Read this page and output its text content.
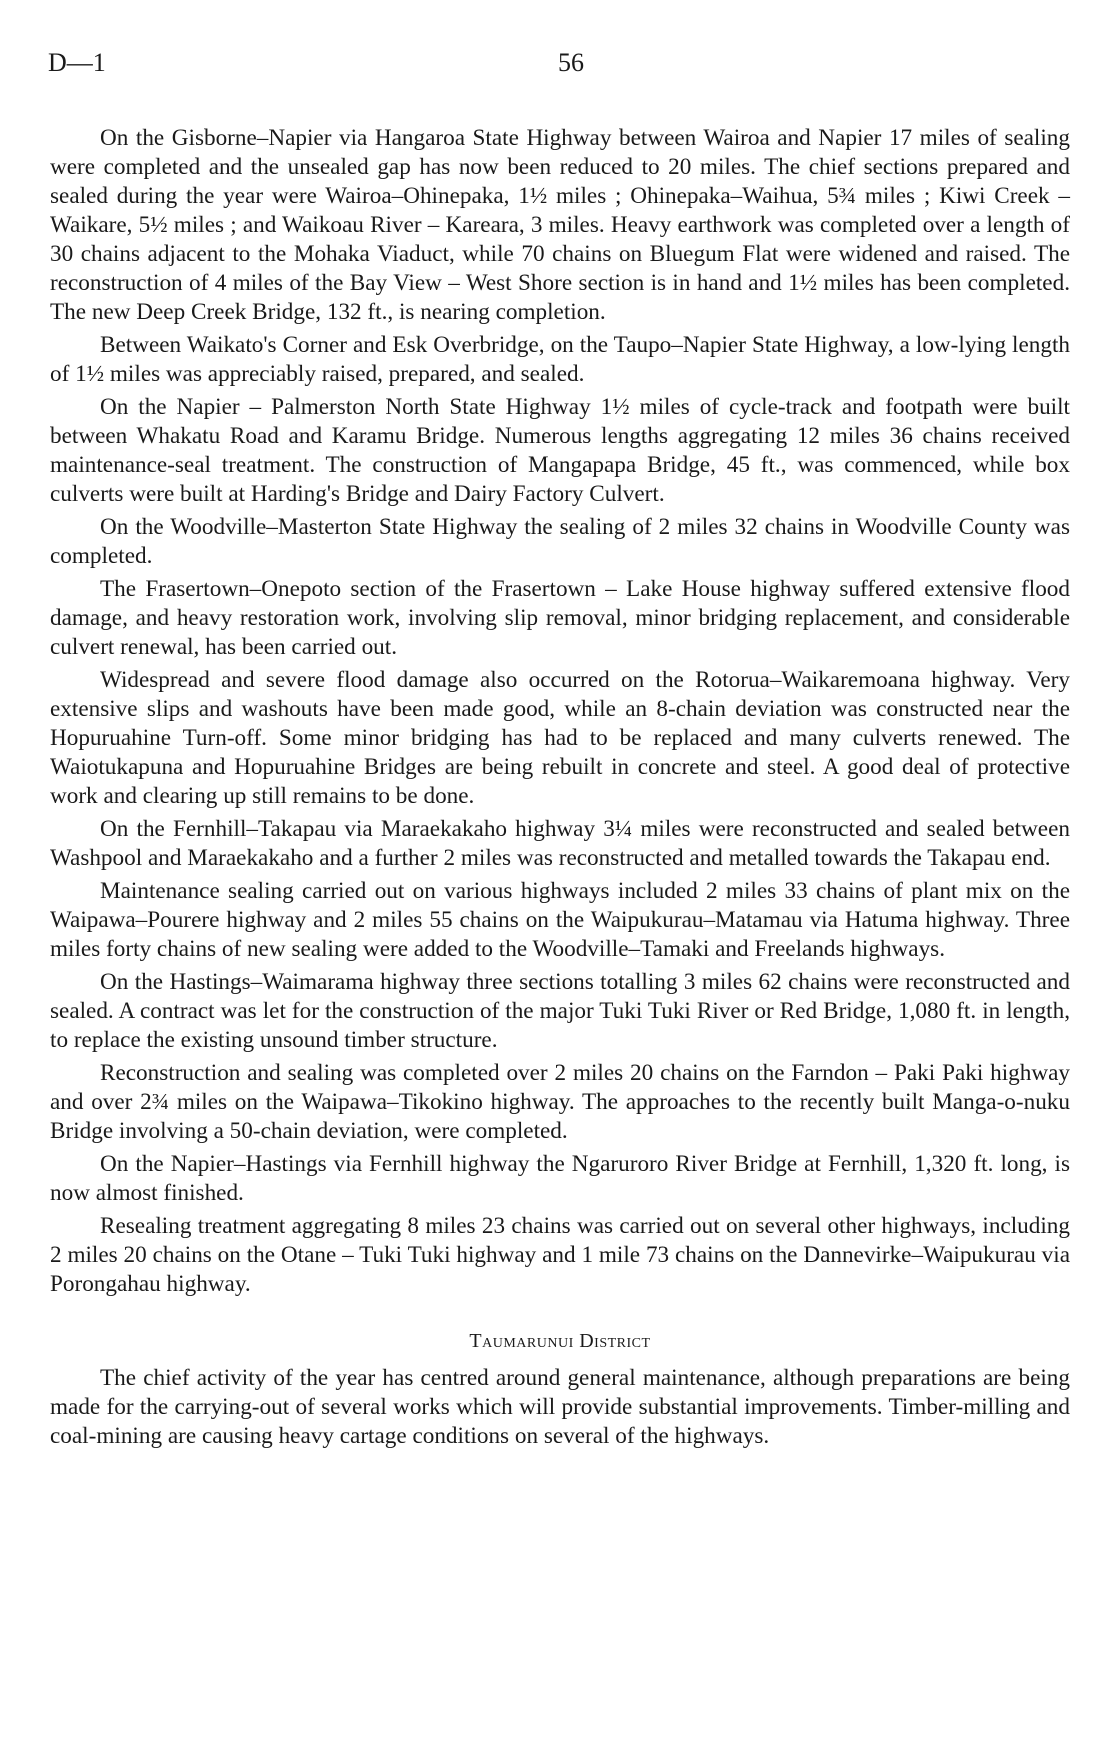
D—1	56

On the Gisborne–Napier via Hangaroa State Highway between Wairoa and Napier 17 miles of sealing were completed and the unsealed gap has now been reduced to 20 miles. The chief sections prepared and sealed during the year were Wairoa–Ohinepaka, 1½ miles ; Ohinepaka–Waihua, 5¾ miles ; Kiwi Creek – Waikare, 5½ miles ; and Waikoau River – Kareara, 3 miles. Heavy earthwork was completed over a length of 30 chains adjacent to the Mohaka Viaduct, while 70 chains on Bluegum Flat were widened and raised. The reconstruction of 4 miles of the Bay View – West Shore section is in hand and 1½ miles has been completed. The new Deep Creek Bridge, 132 ft., is nearing completion.

Between Waikato's Corner and Esk Overbridge, on the Taupo–Napier State Highway, a low-lying length of 1½ miles was appreciably raised, prepared, and sealed.

On the Napier – Palmerston North State Highway 1½ miles of cycle-track and footpath were built between Whakatu Road and Karamu Bridge. Numerous lengths aggregating 12 miles 36 chains received maintenance-seal treatment. The construction of Mangapapa Bridge, 45 ft., was commenced, while box culverts were built at Harding's Bridge and Dairy Factory Culvert.

On the Woodville–Masterton State Highway the sealing of 2 miles 32 chains in Woodville County was completed.

The Frasertown–Onepoto section of the Frasertown – Lake House highway suffered extensive flood damage, and heavy restoration work, involving slip removal, minor bridging replacement, and considerable culvert renewal, has been carried out.

Widespread and severe flood damage also occurred on the Rotorua–Waikaremoana highway. Very extensive slips and washouts have been made good, while an 8-chain deviation was constructed near the Hopuruahine Turn-off. Some minor bridging has had to be replaced and many culverts renewed. The Waiotukapuna and Hopuruahine Bridges are being rebuilt in concrete and steel. A good deal of protective work and clearing up still remains to be done.

On the Fernhill–Takapau via Maraekakaho highway 3¼ miles were reconstructed and sealed between Washpool and Maraekakaho and a further 2 miles was reconstructed and metalled towards the Takapau end.

Maintenance sealing carried out on various highways included 2 miles 33 chains of plant mix on the Waipawa–Pourere highway and 2 miles 55 chains on the Waipukurau–Matamau via Hatuma highway. Three miles forty chains of new sealing were added to the Woodville–Tamaki and Freelands highways.

On the Hastings–Waimarama highway three sections totalling 3 miles 62 chains were reconstructed and sealed. A contract was let for the construction of the major Tuki Tuki River or Red Bridge, 1,080 ft. in length, to replace the existing unsound timber structure.

Reconstruction and sealing was completed over 2 miles 20 chains on the Farndon – Paki Paki highway and over 2¾ miles on the Waipawa–Tikokino highway. The approaches to the recently built Manga-o-nuku Bridge involving a 50-chain deviation, were completed.

On the Napier–Hastings via Fernhill highway the Ngaruroro River Bridge at Fernhill, 1,320 ft. long, is now almost finished.

Resealing treatment aggregating 8 miles 23 chains was carried out on several other highways, including 2 miles 20 chains on the Otane – Tuki Tuki highway and 1 mile 73 chains on the Dannevirke–Waipukurau via Porongahau highway.

Taumarunui District

The chief activity of the year has centred around general maintenance, although preparations are being made for the carrying-out of several works which will provide substantial improvements. Timber-milling and coal-mining are causing heavy cartage conditions on several of the highways.
